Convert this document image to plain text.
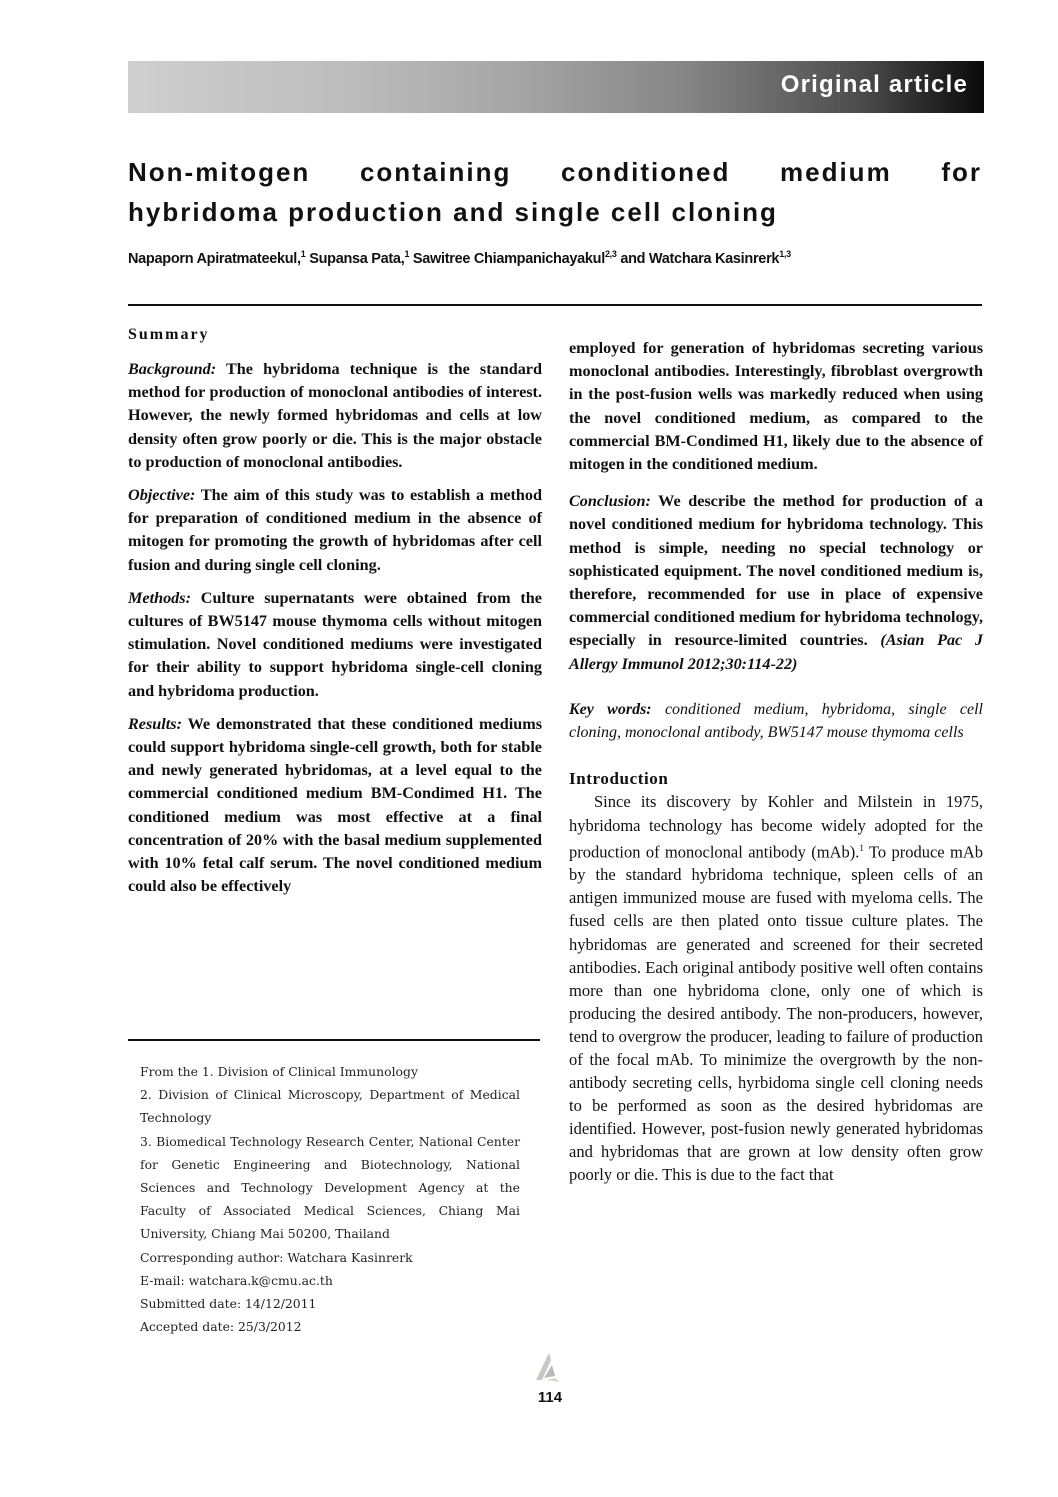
Original article
Non-mitogen containing conditioned medium for
hybridoma production and single cell cloning
Napaporn Apiratmateekul,$^1$ Supansa Pata,$^1$ Sawitree Chiampanichayakul$^{2,3}$ and Watchara Kasinrerk$^{1,3}$
Summary

Background: The hybridoma technique is the standard method for production of monoclonal antibodies of interest. However, the newly formed hybridomas and cells at low density often grow poorly or die. This is the major obstacle to production of monoclonal antibodies.

Objective: The aim of this study was to establish a method for preparation of conditioned medium in the absence of mitogen for promoting the growth of hybridomas after cell fusion and during single cell cloning.

Methods: Culture supernatants were obtained from the cultures of BW5147 mouse thymoma cells without mitogen stimulation. Novel conditioned mediums were investigated for their ability to support hybridoma single-cell cloning and hybridoma production.

Results: We demonstrated that these conditioned mediums could support hybridoma single-cell growth, both for stable and newly generated hybridomas, at a level equal to the commercial conditioned medium BM-Condimed H1. The conditioned medium was most effective at a final concentration of 20% with the basal medium supplemented with 10% fetal calf serum. The novel conditioned medium could also be effectively

From the 1. Division of Clinical Immunology
2. Division of Clinical Microscopy, Department of Medical Technology
3. Biomedical Technology Research Center, National Center for Genetic Engineering and Biotechnology, National Sciences and Technology Development Agency at the Faculty of Associated Medical Sciences, Chiang Mai University, Chiang Mai 50200, Thailand
Corresponding author: Watchara Kasinrerk
E-mail: watchara.k@cmu.ac.th
Submitted date: 14/12/2011
Accepted date: 25/3/2012

employed for generation of hybridomas secreting various monoclonal antibodies. Interestingly, fibroblast overgrowth in the post-fusion wells was markedly reduced when using the novel conditioned medium, as compared to the commercial BM-Condimed H1, likely due to the absence of mitogen in the conditioned medium.

Conclusion: We describe the method for production of a novel conditioned medium for hybridoma technology. This method is simple, needing no special technology or sophisticated equipment. The novel conditioned medium is, therefore, recommended for use in place of expensive commercial conditioned medium for hybridoma technology, especially in resource-limited countries. (Asian Pac J Allergy Immunol 2012;30:114-22)

Key words: conditioned medium, hybridoma, single cell cloning, monoclonal antibody, BW5147 mouse thymoma cells

Introduction

Since its discovery by Kohler and Milstein in 1975, hybridoma technology has become widely adopted for the production of monoclonal antibody (mAb).$^1$ To produce mAb by the standard hybridoma technique, spleen cells of an antigen immunized mouse are fused with myeloma cells. The fused cells are then plated onto tissue culture plates. The hybridomas are generated and screened for their secreted antibodies. Each original antibody positive well often contains more than one hybridoma clone, only one of which is producing the desired antibody. The non-producers, however, tend to overgrow the producer, leading to failure of production of the focal mAb. To minimize the overgrowth by the non-antibody secreting cells, hyrbidoma single cell cloning needs to be performed as soon as the desired hybridomas are identified. However, post-fusion newly generated hybridomas and hybridomas that are grown at low density often grow poorly or die. This is due to the fact that

114
